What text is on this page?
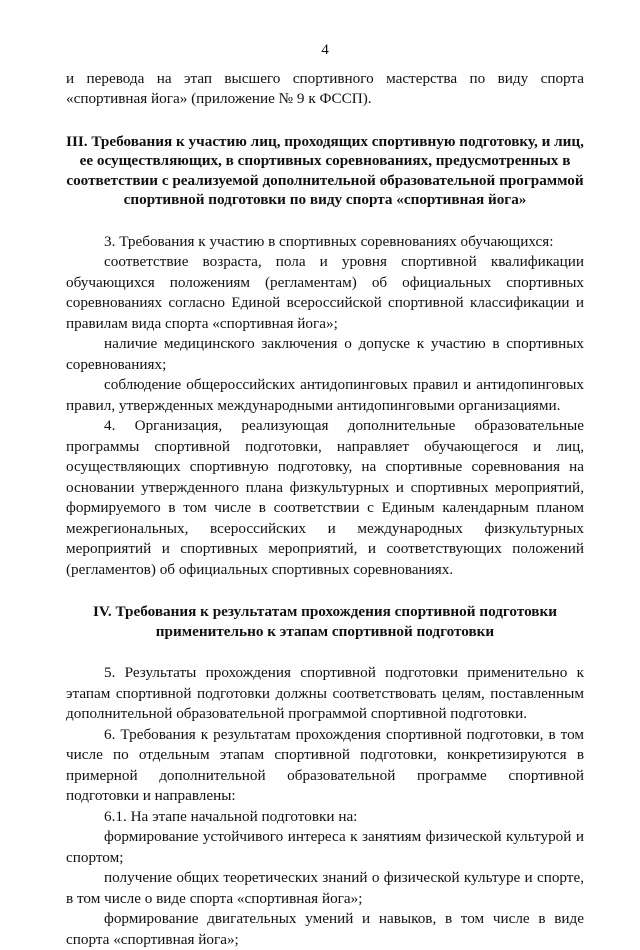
4

и перевода на этап высшего спортивного мастерства по виду спорта «спортивная йога» (приложение № 9 к ФССП).

III. Требования к участию лиц, проходящих спортивную подготовку, и лиц, ее осуществляющих, в спортивных соревнованиях, предусмотренных в соответствии с реализуемой дополнительной образовательной программой спортивной подготовки по виду спорта «спортивная йога»

3. Требования к участию в спортивных соревнованиях обучающихся:

соответствие возраста, пола и уровня спортивной квалификации обучающихся положениям (регламентам) об официальных спортивных соревнованиях согласно Единой всероссийской спортивной классификации и правилам вида спорта «спортивная йога»;

наличие медицинского заключения о допуске к участию в спортивных соревнованиях;

соблюдение общероссийских антидопинговых правил и антидопинговых правил, утвержденных международными антидопинговыми организациями.

4. Организация, реализующая дополнительные образовательные программы спортивной подготовки, направляет обучающегося и лиц, осуществляющих спортивную подготовку, на спортивные соревнования на основании утвержденного плана физкультурных и спортивных мероприятий, формируемого в том числе в соответствии с Единым календарным планом межрегиональных, всероссийских и международных физкультурных мероприятий и спортивных мероприятий, и соответствующих положений (регламентов) об официальных спортивных соревнованиях.

IV. Требования к результатам прохождения спортивной подготовки применительно к этапам спортивной подготовки

5. Результаты прохождения спортивной подготовки применительно к этапам спортивной подготовки должны соответствовать целям, поставленным дополнительной образовательной программой спортивной подготовки.

6. Требования к результатам прохождения спортивной подготовки, в том числе по отдельным этапам спортивной подготовки, конкретизируются в примерной дополнительной образовательной программе спортивной подготовки и направлены:

6.1. На этапе начальной подготовки на:

формирование устойчивого интереса к занятиям физической культурой и спортом;

получение общих теоретических знаний о физической культуре и спорте, в том числе о виде спорта «спортивная йога»;

формирование двигательных умений и навыков, в том числе в виде спорта «спортивная йога»;
